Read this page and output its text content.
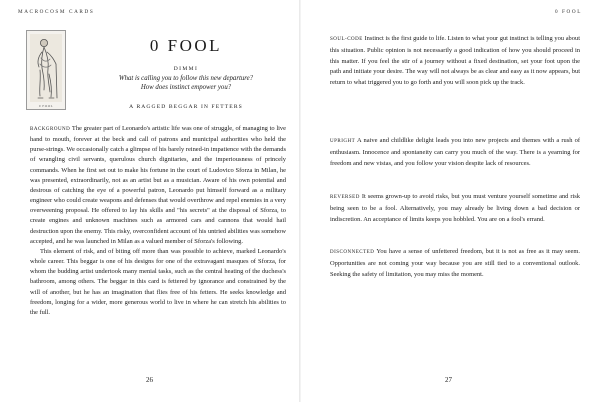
MACROCOSM CARDS
0 FOOL
0 FOOL
DIMMI
What is calling you to follow this new departure?
How does instinct empower you?
A RAGGED BEGGAR IN FETTERS

BACKGROUND The greater part of Leonardo's artistic life was one of struggle, of managing to live hand to mouth, forever at the beck and call of patrons and municipal authorities who held the purse-strings. We occasionally catch a glimpse of his barely reined-in impatience with the demands of wrangling civil servants, querulous church dignitaries, and the imperiousness of princely commands. When he first set out to make his fortune in the court of Ludovico Sforza in Milan, he was presented, extraordinarily, not as an artist but as a musician. Aware of his own potential and desirous of catching the eye of a powerful patron, Leonardo put himself forward as a military engineer who could create weapons and defenses that would overthrow and repel enemies in a very overweening proposal. He offered to lay his skills and "his secrets" at the disposal of Sforza, to create engines and unknown machines such as armored cars and cannons that would hail destruction upon the enemy. This risky, overconfident account of his untried abilities was somehow accepted, and he was launched in Milan as a valued member of Sforza's following.

This element of risk, and of biting off more than was possible to achieve, marked Leonardo's whole career. This beggar is one of his designs for one of the extravagant masques of Sforza, for whom the budding artist undertook many menial tasks, such as the central heating of the duchess's bathroom, among others. The beggar in this card is fettered by ignorance and constrained by the will of another, but he has an imagination that flies free of his fetters. He seeks knowledge and freedom, longing for a wider, more generous world to live in where he can stretch his abilities to the full.

26
0 FOOL
SOUL-CODE Instinct is the first guide to life. Listen to what your gut instinct is telling you about this situation. Public opinion is not necessarily a good indication of how you should proceed in this matter. If you feel the stir of a journey without a fixed destination, set your foot upon the path and initiate your desire. The way will not always be as clear and easy as it now appears, but return to what triggered you to go forth and you will soon pick up the track.
UPRIGHT A naive and childlike delight leads you into new projects and themes with a rush of enthusiasm. Innocence and spontaneity can carry you much of the way. There is a yearning for freedom and new vistas, and you follow your vision despite lack of resources.
REVERSED It seems grown-up to avoid risks, but you must venture yourself sometime and risk being seen to be a fool. Alternatively, you may already be living down a bad decision or indiscretion. An acceptance of limits keeps you hobbled. You are on a fool's errand.
DISCONNECTED You have a sense of unfettered freedom, but it is not as free as it may seem. Opportunities are not coming your way because you are still tied to a conventional outlook. Seeking the safety of limitation, you may miss the moment.
27
